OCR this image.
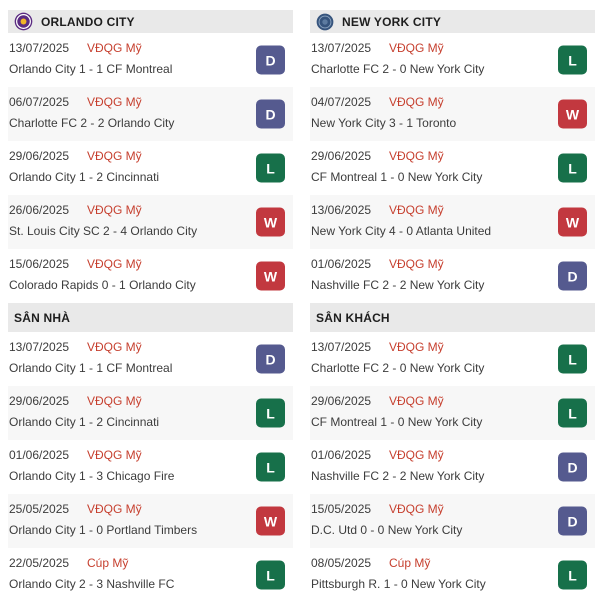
ORLANDO CITY
13/07/2025 VĐQG Mỹ
Orlando City 1 - 1 CF Montreal
D
06/07/2025 VĐQG Mỹ
Charlotte FC 2 - 2 Orlando City
D
29/06/2025 VĐQG Mỹ
Orlando City 1 - 2 Cincinnati
L
26/06/2025 VĐQG Mỹ
St. Louis City SC 2 - 4 Orlando City
W
15/06/2025 VĐQG Mỹ
Colorado Rapids 0 - 1 Orlando City
W
SÂN NHÀ
13/07/2025 VĐQG Mỹ
Orlando City 1 - 1 CF Montreal
D
29/06/2025 VĐQG Mỹ
Orlando City 1 - 2 Cincinnati
L
01/06/2025 VĐQG Mỹ
Orlando City 1 - 3 Chicago Fire
L
25/05/2025 VĐQG Mỹ
Orlando City 1 - 0 Portland Timbers
W
22/05/2025 Cúp Mỹ
Orlando City 2 - 3 Nashville FC
L
NEW YORK CITY
13/07/2025 VĐQG Mỹ
Charlotte FC 2 - 0 New York City
L
04/07/2025 VĐQG Mỹ
New York City 3 - 1 Toronto
W
29/06/2025 VĐQG Mỹ
CF Montreal 1 - 0 New York City
L
13/06/2025 VĐQG Mỹ
New York City 4 - 0 Atlanta United
W
01/06/2025 VĐQG Mỹ
Nashville FC 2 - 2 New York City
D
SÂN KHÁCH
13/07/2025 VĐQG Mỹ
Charlotte FC 2 - 0 New York City
L
29/06/2025 VĐQG Mỹ
CF Montreal 1 - 0 New York City
L
01/06/2025 VĐQG Mỹ
Nashville FC 2 - 2 New York City
D
15/05/2025 VĐQG Mỹ
D.C. Utd 0 - 0 New York City
D
08/05/2025 Cúp Mỹ
Pittsburgh R. 1 - 0 New York City
L
